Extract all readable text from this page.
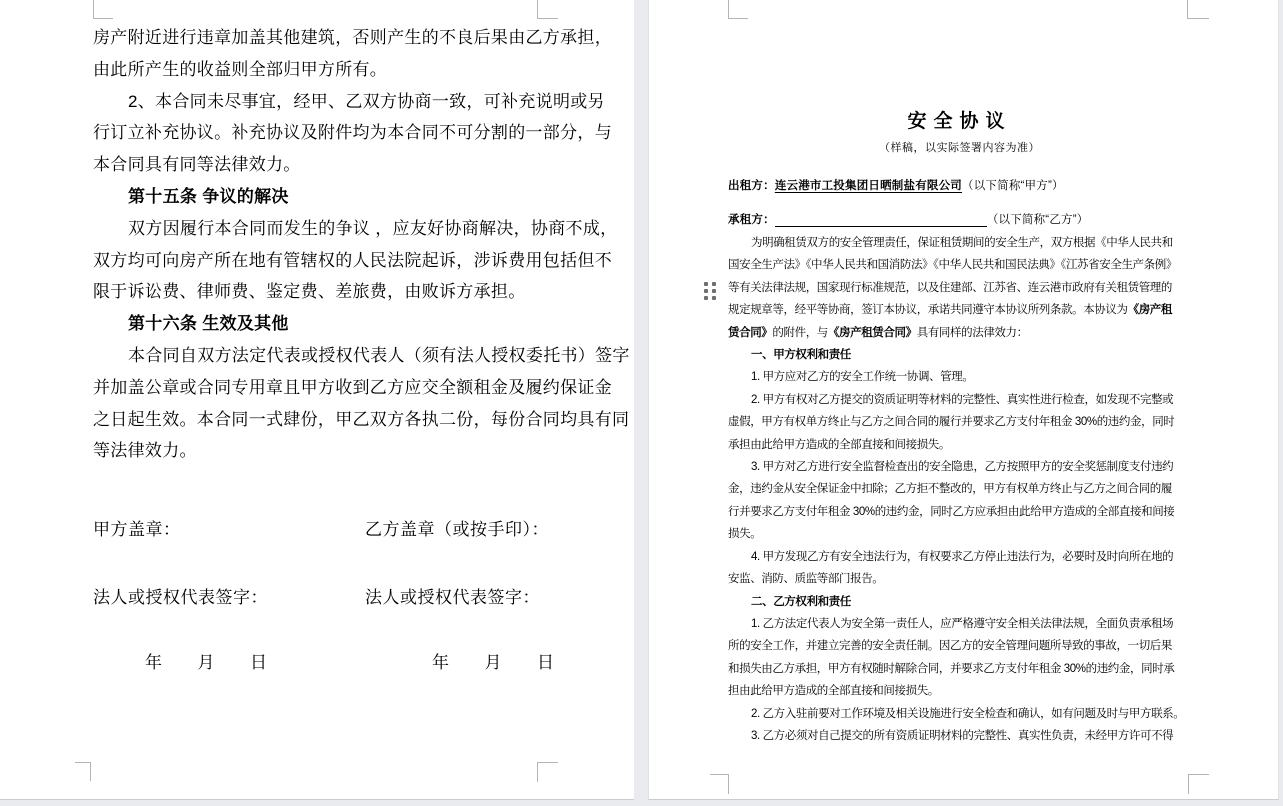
房产附近进行违章加盖其他建筑，否则产生的不良后果由乙方承担，
由此所产生的收益则全部归甲方所有。
2、本合同未尽事宜，经甲、乙双方协商一致，可补充说明或另
行订立补充协议。补充协议及附件均为本合同不可分割的一部分，与
本合同具有同等法律效力。
第十五条 争议的解决
双方因履行本合同而发生的争议 ，应友好协商解决，协商不成，
双方均可向房产所在地有管辖权的人民法院起诉，涉诉费用包括但不
限于诉讼费、律师费、鉴定费、差旅费，由败诉方承担。
第十六条 生效及其他
本合同自双方法定代表或授权代表人（须有法人授权委托书）签字
并加盖公章或合同专用章且甲方收到乙方应交全额租金及履约保证金
之日起生效。本合同一式肆份，甲乙双方各执二份，每份合同均具有同
等法律效力。
甲方盖章：	乙方盖章（或按手印）：
法人或授权代表签字：	法人或授权代表签字：
年　　月　　日	年　　月　　日
安全协议
（样稿，以实际签署内容为准）
出租方：连云港市工投集团日晒制盐有限公司（以下简称“甲方”）
承租方：	（以下简称“乙方”）
为明确租赁双方的安全管理责任，保证租赁期间的安全生产，双方根据《中华人民共和
国安全生产法》《中华人民共和国消防法》《中华人民共和国民法典》《江苏省安全生产条例》
等有关法律法规，国家现行标准规范，以及住建部、江苏省、连云港市政府有关租赁管理的
规定规章等，经平等协商，签订本协议，承诺共同遵守本协议所列条款。本协议为《房产租
赁合同》的附件，与《房产租赁合同》具有同样的法律效力：
一、甲方权利和责任
1. 甲方应对乙方的安全工作统一协调、管理。
2. 甲方有权对乙方提交的资质证明等材料的完整性、真实性进行检查，如发现不完整或
虚假，甲方有权单方终止与乙方之间合同的履行并要求乙方支付年租金 30%的违约金，同时
承担由此给甲方造成的全部直接和间接损失。
3. 甲方对乙方进行安全监督检查出的安全隐患，乙方按照甲方的安全奖惩制度支付违约
金，违约金从安全保证金中扣除；乙方拒不整改的，甲方有权单方终止与乙方之间合同的履
行并要求乙方支付年租金 30%的违约金，同时乙方应承担由此给甲方造成的全部直接和间接
损失。
4. 甲方发现乙方有安全违法行为，有权要求乙方停止违法行为，必要时及时向所在地的
安监、消防、质监等部门报告。
二、乙方权利和责任
1. 乙方法定代表人为安全第一责任人，应严格遵守安全相关法律法规，全面负责承租场
所的安全工作，并建立完善的安全责任制。因乙方的安全管理问题所导致的事故，一切后果
和损失由乙方承担，甲方有权随时解除合同，并要求乙方支付年租金 30%的违约金，同时承
担由此给甲方造成的全部直接和间接损失。
2. 乙方入驻前要对工作环境及相关设施进行安全检查和确认，如有问题及时与甲方联系。
3. 乙方必须对自己提交的所有资质证明材料的完整性、真实性负责，未经甲方许可不得
